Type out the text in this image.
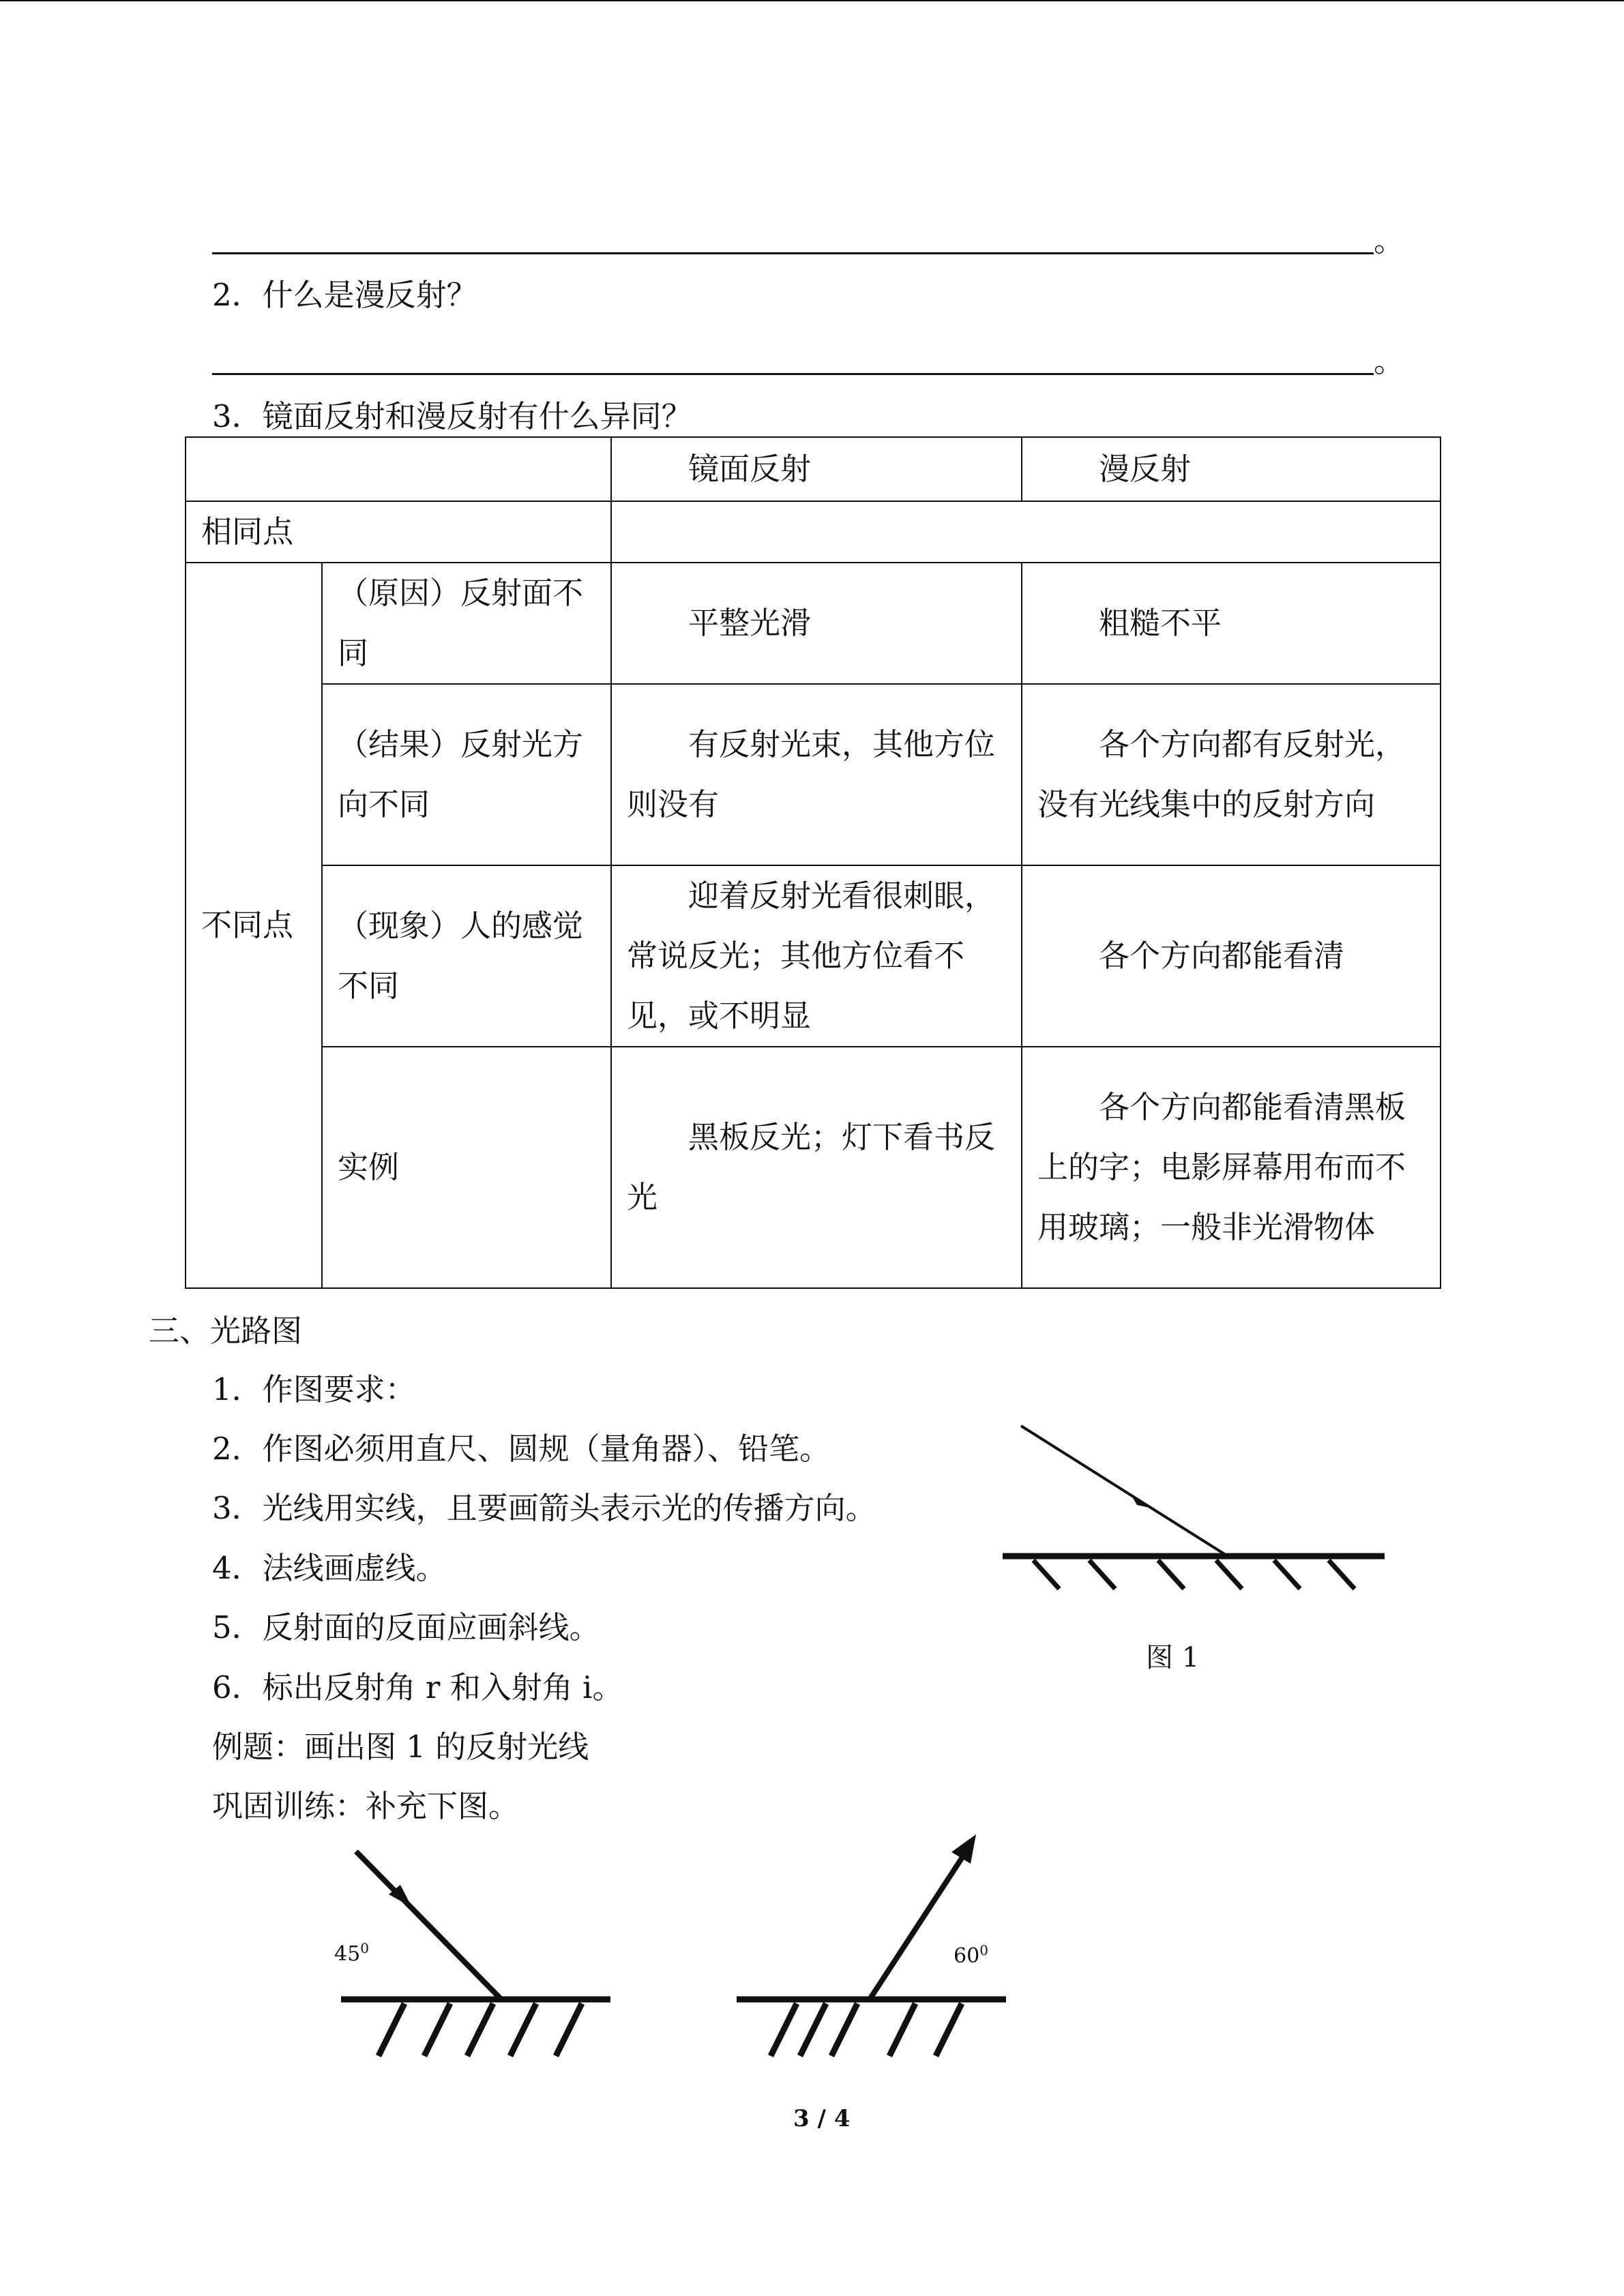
。
2．什么是漫反射？
。
3．镜面反射和漫反射有什么异同？
		镜面反射	漫反射
相同点			
不同点	（原因）反射面不同	平整光滑	粗糙不平
	（结果）反射光方向不同	有反射光束，其他方位则没有	各个方向都有反射光，没有光线集中的反射方向
	（现象）人的感觉不同	迎着反射光看很刺眼，常说反光；其他方位看不见，或不明显	各个方向都能看清
	实例	黑板反光；灯下看书反光	各个方向都能看清黑板上的字；电影屏幕用布而不用玻璃；一般非光滑物体
三、光路图
1．作图要求：
2．作图必须用直尺、圆规（量角器）、铅笔。
3．光线用实线，且要画箭头表示光的传播方向。
4．法线画虚线。
5．反射面的反面应画斜线。
6．标出反射角 r 和入射角 i。
例题：画出图 1 的反射光线
巩固训练：补充下图。
图 1
$45^0$	$60^0$
3 / 4
